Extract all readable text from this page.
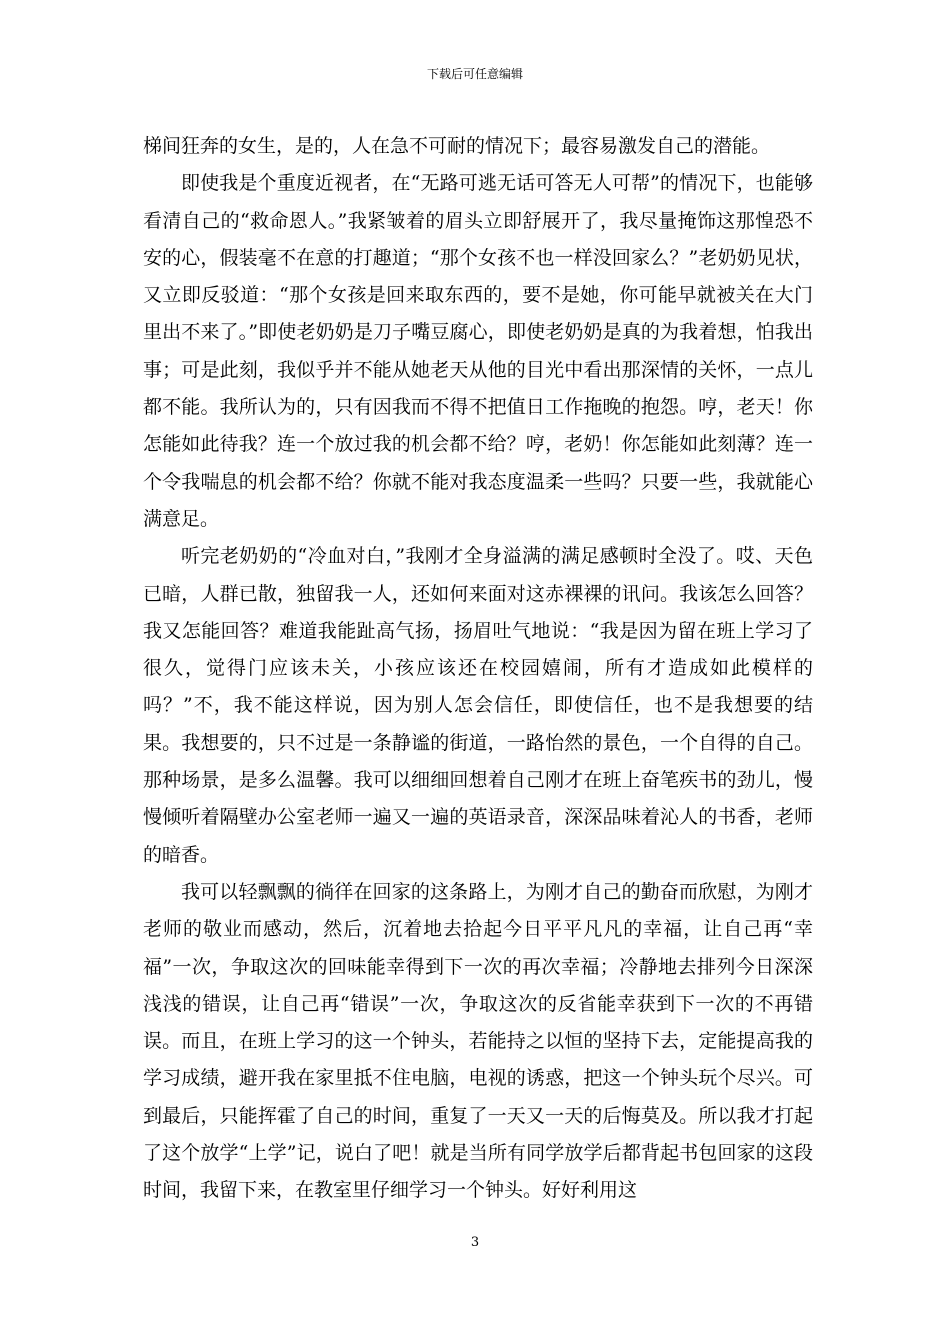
下载后可任意编辑

梯间狂奔的女生，是的，人在急不可耐的情况下；最容易激发自己的潜能。

即使我是个重度近视者，在“无路可逃无话可答无人可帮”的情况下，也能够看清自己的“救命恩人。”我紧皱着的眉头立即舒展开了，我尽量掩饰这那惶恐不安的心，假装毫不在意的打趣道；“那个女孩不也一样没回家么？”老奶奶见状，又立即反驳道：“那个女孩是回来取东西的，要不是她，你可能早就被关在大门里出不来了。”即使老奶奶是刀子嘴豆腐心，即使老奶奶是真的为我着想，怕我出事；可是此刻，我似乎并不能从她老天从他的目光中看出那深情的关怀，一点儿都不能。我所认为的，只有因我而不得不把值日工作拖晚的抱怨。哼，老天！你怎能如此待我？连一个放过我的机会都不给？哼，老奶！你怎能如此刻薄？连一个令我喘息的机会都不给？你就不能对我态度温柔一些吗？只要一些，我就能心满意足。

听完老奶奶的“冷血对白，”我刚才全身溢满的满足感顿时全没了。哎、天色已暗，人群已散，独留我一人，还如何来面对这赤裸裸的讯问。我该怎么回答？我又怎能回答？难道我能趾高气扬，扬眉吐气地说：“我是因为留在班上学习了很久，觉得门应该未关，小孩应该还在校园嬉闹，所有才造成如此模样的吗？”不，我不能这样说，因为别人怎会信任，即使信任，也不是我想要的结果。我想要的，只不过是一条静谧的街道，一路怡然的景色，一个自得的自己。那种场景，是多么温馨。我可以细细回想着自己刚才在班上奋笔疾书的劲儿，慢慢倾听着隔壁办公室老师一遍又一遍的英语录音，深深品味着沁人的书香，老师的暗香。

我可以轻飘飘的徜徉在回家的这条路上，为刚才自己的勤奋而欣慰，为刚才老师的敬业而感动，然后，沉着地去拾起今日平平凡凡的幸福，让自己再“幸福”一次，争取这次的回味能幸得到下一次的再次幸福；冷静地去排列今日深深浅浅的错误，让自己再“错误”一次，争取这次的反省能幸获到下一次的不再错误。而且，在班上学习的这一个钟头，若能持之以恒的坚持下去，定能提高我的学习成绩，避开我在家里抵不住电脑，电视的诱惑，把这一个钟头玩个尽兴。可到最后，只能挥霍了自己的时间，重复了一天又一天的后悔莫及。所以我才打起了这个放学“上学”记，说白了吧！就是当所有同学放学后都背起书包回家的这段时间，我留下来，在教室里仔细学习一个钟头。好好利用这

3
